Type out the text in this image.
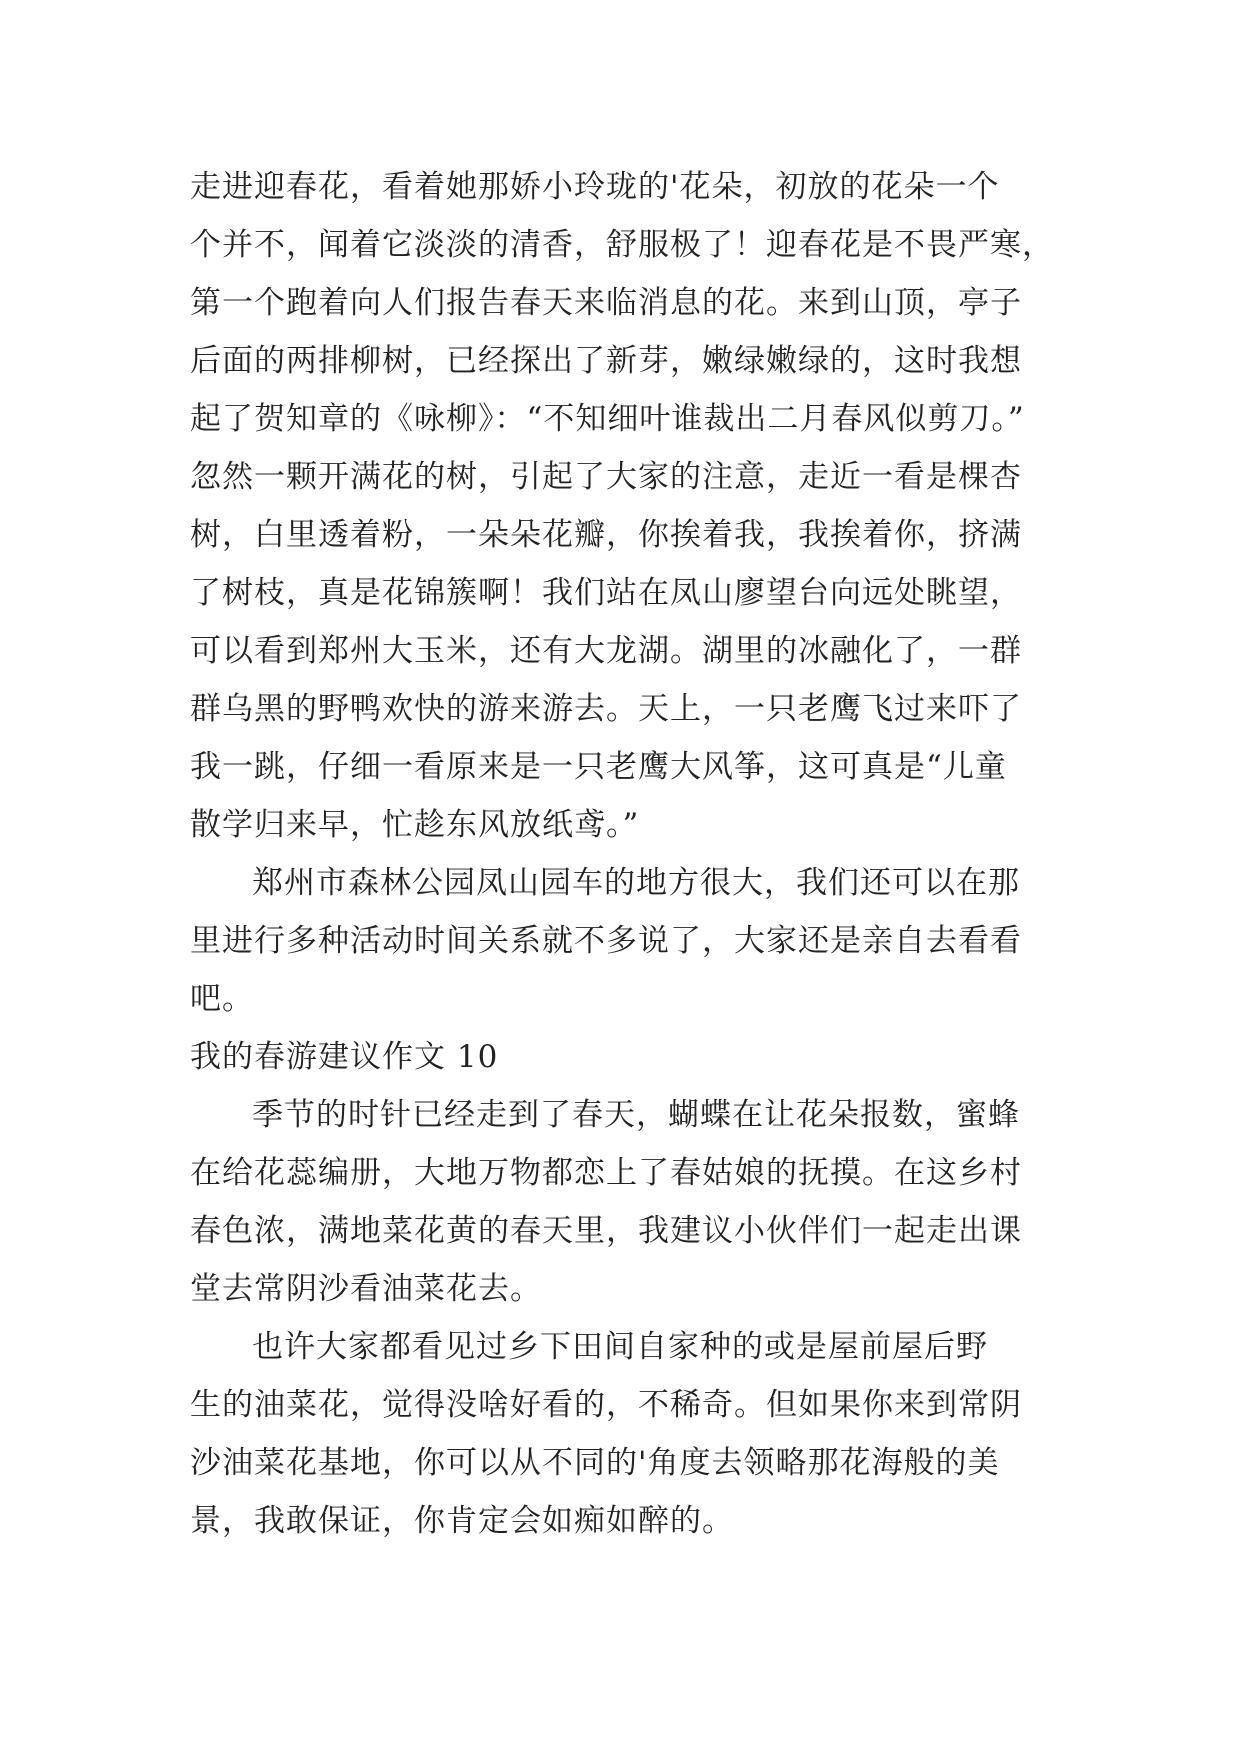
走进迎春花，看着她那娇小玲珑的'花朵，初放的花朵一个
个并不，闻着它淡淡的清香，舒服极了！迎春花是不畏严寒，
第一个跑着向人们报告春天来临消息的花。来到山顶，亭子
后面的两排柳树，已经探出了新芽，嫩绿嫩绿的，这时我想
起了贺知章的《咏柳》：“不知细叶谁裁出二月春风似剪刀。”
忽然一颗开满花的树，引起了大家的注意，走近一看是棵杏
树，白里透着粉，一朵朵花瓣，你挨着我，我挨着你，挤满
了树枝，真是花锦簇啊！我们站在凤山廖望台向远处眺望，
可以看到郑州大玉米，还有大龙湖。湖里的冰融化了，一群
群乌黑的野鸭欢快的游来游去。天上，一只老鹰飞过来吓了
我一跳，仔细一看原来是一只老鹰大风筝，这可真是“儿童
散学归来早，忙趁东风放纸鸢。”
郑州市森林公园凤山园车的地方很大，我们还可以在那
里进行多种活动时间关系就不多说了，大家还是亲自去看看
吧。
我的春游建议作文 10
季节的时针已经走到了春天，蝴蝶在让花朵报数，蜜蜂
在给花蕊编册，大地万物都恋上了春姑娘的抚摸。在这乡村
春色浓，满地菜花黄的春天里，我建议小伙伴们一起走出课
堂去常阴沙看油菜花去。
也许大家都看见过乡下田间自家种的或是屋前屋后野
生的油菜花，觉得没啥好看的，不稀奇。但如果你来到常阴
沙油菜花基地，你可以从不同的'角度去领略那花海般的美
景，我敢保证，你肯定会如痴如醉的。
